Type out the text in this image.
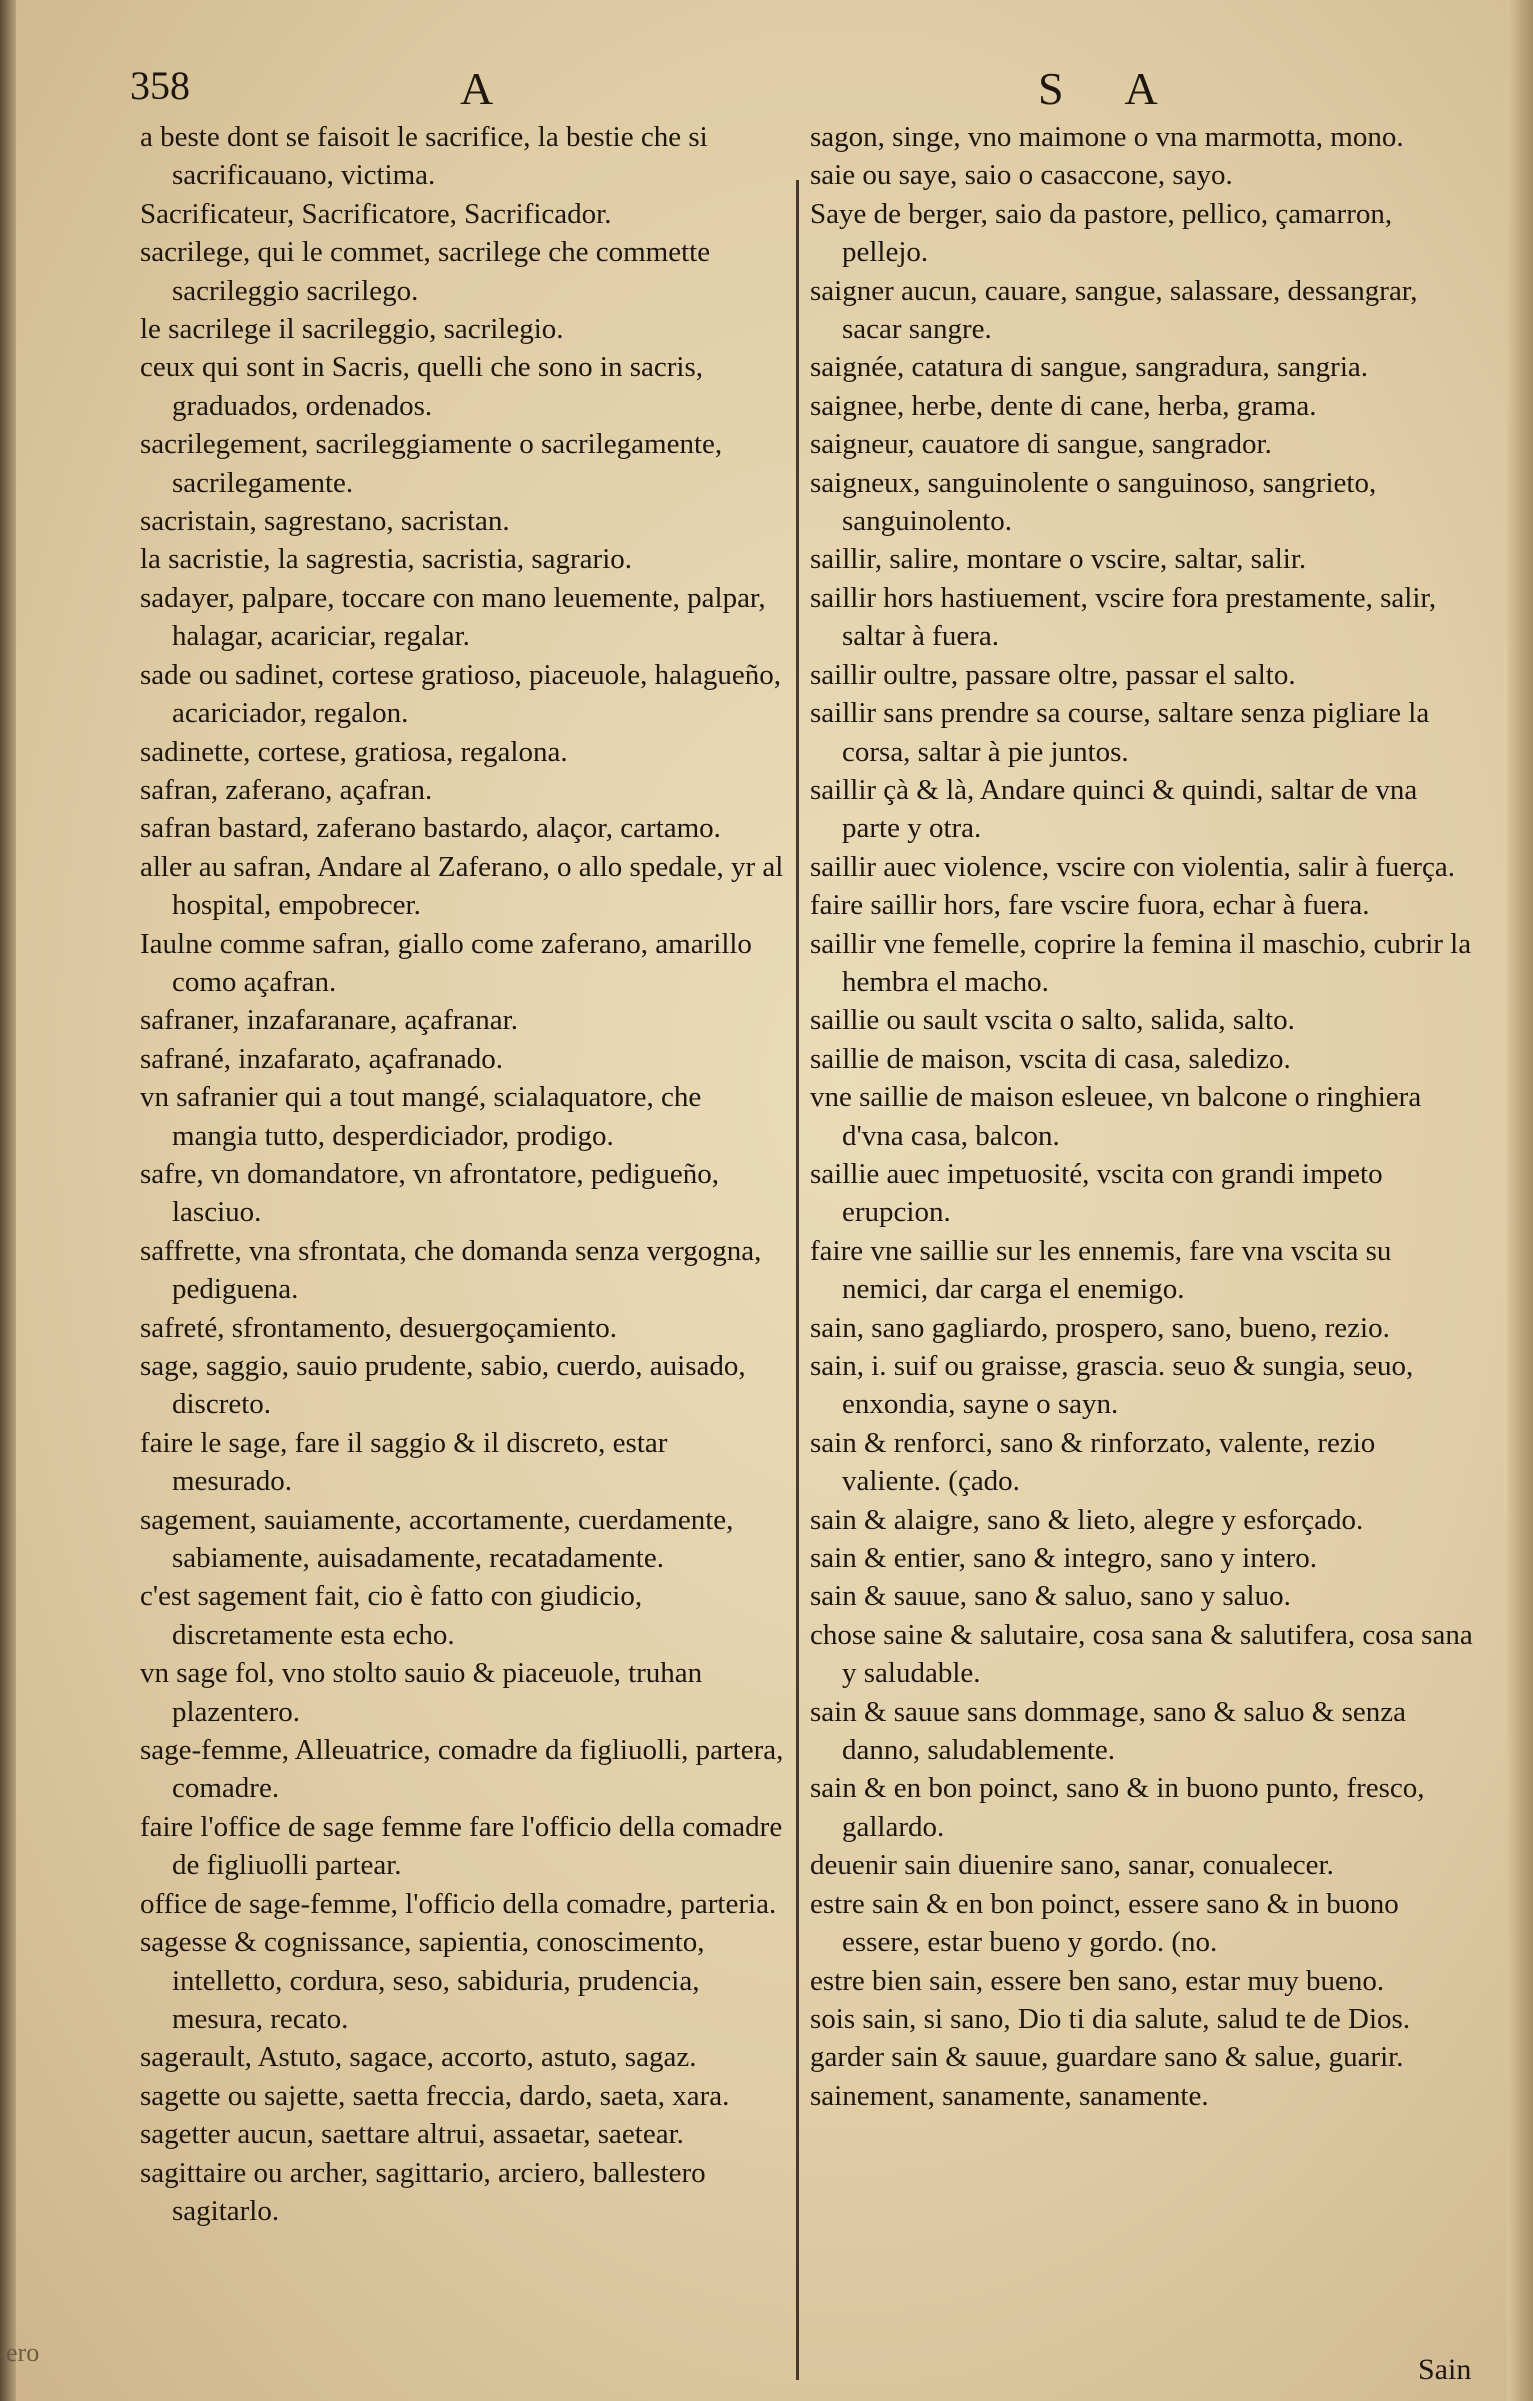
358	A	S A

a beste dont se faisoit le sacrifice, la bestie che si sacrificauano, victima.

Sacrificateur, Sacrificatore, Sacrificador.

sacrilege, qui le commet, sacrilege che commette sacrileggio sacrilego.

le sacrilege il sacrileggio, sacrilegio.

ceux qui sont in Sacris, quelli che sono in sacris, graduados, ordenados.

sacrilegement, sacrileggiamente o sacrilegamente, sacrilegamente.

sacristain, sagrestano, sacristan.

la sacristie, la sagrestia, sacristia, sagrario.

sadayer, palpare, toccare con mano leuemente, palpar, halagar, acariciar, regalar.

sade ou sadinet, cortese gratioso, piaceuole, halagueño, acariciador, regalon.

sadinette, cortese, gratiosa, regalona.

safran, zaferano, açafran.

safran bastard, zaferano bastardo, alaçor, cartamo.

aller au safran, Andare al Zaferano, o allo spedale, yr al hospital, empobrecer.

Iaulne comme safran, giallo come zaferano, amarillo como açafran.

safraner, inzafaranare, açafranar.

safrané, inzafarato, açafranado.

vn safranier qui a tout mangé, scialaquatore, che mangia tutto, desperdiciador, prodigo.

safre, vn domandatore, vn afrontatore, pedigueño, lasciuo.

saffrette, vna sfrontata, che domanda senza vergogna, pediguena.

safreté, sfrontamento, desuergoçamiento.

sage, saggio, sauio prudente, sabio, cuerdo, auisado, discreto.

faire le sage, fare il saggio & il discreto, estar mesurado.

sagement, sauiamente, accortamente, cuerdamente, sabiamente, auisadamente, recatadamente.

c'est sagement fait, cio è fatto con giudicio, discretamente esta echo.

vn sage fol, vno stolto sauio & piaceuole, truhan plazentero.

sage-femme, Alleuatrice, comadre da figliuolli, partera, comadre.

faire l'office de sage femme fare l'officio della comadre de figliuolli partear.

office de sage-femme, l'officio della comadre, parteria.

sagesse & cognissance, sapientia, conoscimento, intelletto, cordura, seso, sabiduria, prudencia, mesura, recato.

sagerault, Astuto, sagace, accorto, astuto, sagaz.

sagette ou sajette, saetta freccia, dardo, saeta, xara.

sagetter aucun, saettare altrui, assaetar, saetear.

sagittaire ou archer, sagittario, arciero, ballestero sagitarlo.

sagon, singe, vno maimone o vna marmotta, mono.

saie ou saye, saio o casaccone, sayo.

Saye de berger, saio da pastore, pellico, çamarron, pellejo.

saigner aucun, cauare, sangue, salassare, dessangrar, sacar sangre.

saignée, catatura di sangue, sangradura, sangria.

saignee, herbe, dente di cane, herba, grama.

saigneur, cauatore di sangue, sangrador.

saigneux, sanguinolente o sanguinoso, sangrieto, sanguinolento.

saillir, salire, montare o vscire, saltar, salir.

saillir hors hastiuement, vscire fora prestamente, salir, saltar à fuera.

saillir oultre, passare oltre, passar el salto.

saillir sans prendre sa course, saltare senza pigliare la corsa, saltar à pie juntos.

saillir çà & là, Andare quinci & quindi, saltar de vna parte y otra.

saillir auec violence, vscire con violentia, salir à fuerça.

faire saillir hors, fare vscire fuora, echar à fuera.

saillir vne femelle, coprire la femina il maschio, cubrir la hembra el macho.

saillie ou sault vscita o salto, salida, salto.

saillie de maison, vscita di casa, saledizo.

vne saillie de maison esleuee, vn balcone o ringhiera d'vna casa, balcon.

saillie auec impetuosité, vscita con grandi impeto erupcion.

faire vne saillie sur les ennemis, fare vna vscita su nemici, dar carga el enemigo.

sain, sano gagliardo, prospero, sano, bueno, rezio.

sain, i. suif ou graisse, grascia. seuo & sungia, seuo, enxondia, sayne o sayn.

sain & renforci, sano & rinforzato, valente, rezio valiente. (çado.

sain & alaigre, sano & lieto, alegre y esforçado.

sain & entier, sano & integro, sano y intero.

sain & sauue, sano & saluo, sano y saluo.

chose saine & salutaire, cosa sana & salutifera, cosa sana y saludable.

sain & sauue sans dommage, sano & saluo & senza danno, saludablemente.

sain & en bon poinct, sano & in buono punto, fresco, gallardo.

deuenir sain diuenire sano, sanar, conualecer.

estre sain & en bon poinct, essere sano & in buono essere, estar bueno y gordo. (no.

estre bien sain, essere ben sano, estar muy bueno.

sois sain, si sano, Dio ti dia salute, salud te de Dios.

garder sain & sauue, guardare sano & salue, guarir.

sainement, sanamente, sanamente.

ero
Sain
